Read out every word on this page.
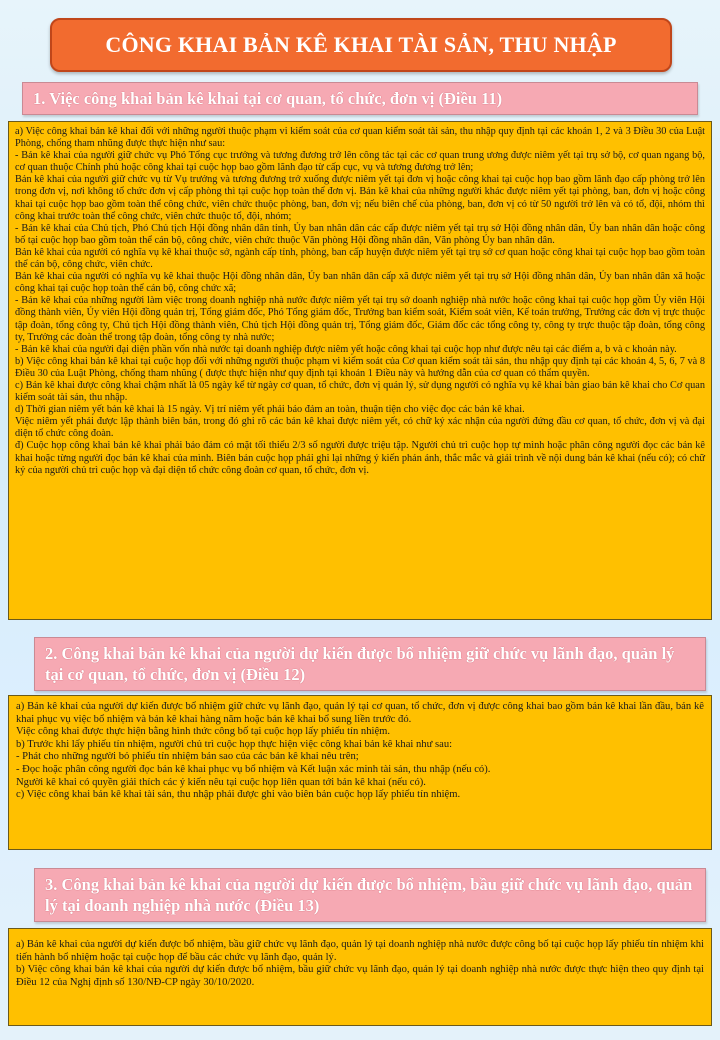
CÔNG KHAI BẢN KÊ KHAI TÀI SẢN, THU NHẬP
1. Việc công khai bản kê khai tại cơ quan, tổ chức, đơn vị (Điều 11)

a) Việc công khai bản kê khai đối với những người thuộc phạm vi kiểm soát của cơ quan kiểm soát tài sản, thu nhập quy định tại các khoản 1, 2 và 3 Điều 30 của Luật Phòng, chống tham nhũng được thực hiện như sau:

- Bản kê khai của người giữ chức vụ Phó Tổng cục trưởng và tương đương trở lên công tác tại các cơ quan trung ương được niêm yết tại trụ sở bộ, cơ quan ngang bộ, cơ quan thuộc Chính phủ hoặc công khai tại cuộc họp bao gồm lãnh đạo từ cấp cục, vụ và tương đương trở lên;

Bản kê khai của người giữ chức vụ từ Vụ trưởng và tương đương trở xuống được niêm yết tại đơn vị hoặc công khai tại cuộc họp bao gồm lãnh đạo cấp phòng trở lên trong đơn vị, nơi không tổ chức đơn vị cấp phòng thì tại cuộc họp toàn thể đơn vị. Bản kê khai của những người khác được niêm yết tại phòng, ban, đơn vị hoặc công khai tại cuộc họp bao gồm toàn thể công chức, viên chức thuộc phòng, ban, đơn vị; nếu biên chế của phòng, ban, đơn vị có từ 50 người trở lên và có tổ, đội, nhóm thì công khai trước toàn thể công chức, viên chức thuộc tổ, đội, nhóm;

- Bản kê khai của Chủ tịch, Phó Chủ tịch Hội đồng nhân dân tỉnh, Ủy ban nhân dân các cấp được niêm yết tại trụ sở Hội đồng nhân dân, Ủy ban nhân dân hoặc công bố tại cuộc họp bao gồm toàn thể cán bộ, công chức, viên chức thuộc Văn phòng Hội đồng nhân dân, Văn phòng Ủy ban nhân dân.

Bản kê khai của người có nghĩa vụ kê khai thuộc sở, ngành cấp tỉnh, phòng, ban cấp huyện được niêm yết tại trụ sở cơ quan hoặc công khai tại cuộc họp bao gồm toàn thể cán bộ, công chức, viên chức.

Bản kê khai của người có nghĩa vụ kê khai thuộc Hội đồng nhân dân, Ủy ban nhân dân cấp xã được niêm yết tại trụ sở Hội đồng nhân dân, Ủy ban nhân dân xã hoặc công khai tại cuộc họp toàn thể cán bộ, công chức xã;

- Bản kê khai của những người làm việc trong doanh nghiệp nhà nước được niêm yết tại trụ sở doanh nghiệp nhà nước hoặc công khai tại cuộc họp gồm Ủy viên Hội đồng thành viên, Ủy viên Hội đồng quản trị, Tổng giám đốc, Phó Tổng giám đốc, Trưởng ban kiểm soát, Kiểm soát viên, Kế toán trưởng, Trưởng các đơn vị trực thuộc tập đoàn, tổng công ty, Chủ tịch Hội đồng thành viên, Chủ tịch Hội đồng quản trị, Tổng giám đốc, Giám đốc các tổng công ty, công ty trực thuộc tập đoàn, tổng công ty, Trưởng các đoàn thể trong tập đoàn, tổng công ty nhà nước;

- Bản kê khai của người đại diện phần vốn nhà nước tại doanh nghiệp được niêm yết hoặc công khai tại cuộc họp như được nêu tại các điểm a, b và c khoản này.

b) Việc công khai bản kê khai tại cuộc họp đối với những người thuộc phạm vi kiểm soát của Cơ quan kiểm soát tài sản, thu nhập quy định tại các khoản 4, 5, 6, 7 và 8 Điều 30 của Luật Phòng, chống tham nhũng ( được thực hiện như quy định tại khoản 1 Điều này và hướng dẫn của cơ quan có thẩm quyền.

c) Bản kê khai được công khai chậm nhất là 05 ngày kể từ ngày cơ quan, tổ chức, đơn vị quản lý, sử dụng người có nghĩa vụ kê khai bàn giao bản kê khai cho Cơ quan kiểm soát tài sản, thu nhập.

d) Thời gian niêm yết bản kê khai là 15 ngày. Vị trí niêm yết phải bảo đảm an toàn, thuận tiện cho việc đọc các bản kê khai.

Việc niêm yết phải được lập thành biên bản, trong đó ghi rõ các bản kê khai được niêm yết, có chữ ký xác nhận của người đứng đầu cơ quan, tổ chức, đơn vị và đại diện tổ chức công đoàn.

đ) Cuộc họp công khai bản kê khai phải bảo đảm có mặt tối thiểu 2/3 số người được triệu tập. Người chủ trì cuộc họp tự mình hoặc phân công người đọc các bản kê khai hoặc từng người đọc bản kê khai của mình. Biên bản cuộc họp phải ghi lại những ý kiến phản ánh, thắc mắc và giải trình về nội dung bản kê khai (nếu có); có chữ ký của người chủ trì cuộc họp và đại diện tổ chức công đoàn cơ quan, tổ chức, đơn vị.

2. Công khai bản kê khai của người dự kiến được bổ nhiệm giữ chức vụ lãnh đạo, quản lý tại cơ quan, tổ chức, đơn vị (Điều 12)

a) Bản kê khai của người dự kiến được bổ nhiệm giữ chức vụ lãnh đạo, quản lý tại cơ quan, tổ chức, đơn vị được công khai bao gồm bản kê khai lần đầu, bản kê khai phục vụ việc bổ nhiệm và bản kê khai hàng năm hoặc bản kê khai bổ sung liền trước đó.

Việc công khai được thực hiện bằng hình thức công bố tại cuộc họp lấy phiếu tín nhiệm.

b) Trước khi lấy phiếu tín nhiệm, người chủ trì cuộc họp thực hiện việc công khai bản kê khai như sau:

- Phát cho những người bỏ phiếu tín nhiệm bản sao của các bản kê khai nêu trên;

- Đọc hoặc phân công người đọc bản kê khai phục vụ bổ nhiệm và Kết luận xác minh tài sản, thu nhập (nếu có).

Người kê khai có quyền giải thích các ý kiến nêu tại cuộc họp liên quan tới bản kê khai (nếu có).

c) Việc công khai bản kê khai tài sản, thu nhập phải được ghi vào biên bản cuộc họp lấy phiếu tín nhiệm.

3. Công khai bản kê khai của người dự kiến được bổ nhiệm, bầu giữ chức vụ lãnh đạo, quản lý tại doanh nghiệp nhà nước (Điều 13)

a) Bản kê khai của người dự kiến được bổ nhiệm, bầu giữ chức vụ lãnh đạo, quản lý tại doanh nghiệp nhà nước được công bố tại cuộc họp lấy phiếu tín nhiệm khi tiến hành bổ nhiệm hoặc tại cuộc họp để bầu các chức vụ lãnh đạo, quản lý.

b) Việc công khai bản kê khai của người dự kiến được bổ nhiệm, bầu giữ chức vụ lãnh đạo, quản lý tại doanh nghiệp nhà nước được thực hiện theo quy định tại Điều 12 của Nghị định số 130/NĐ-CP ngày 30/10/2020.
